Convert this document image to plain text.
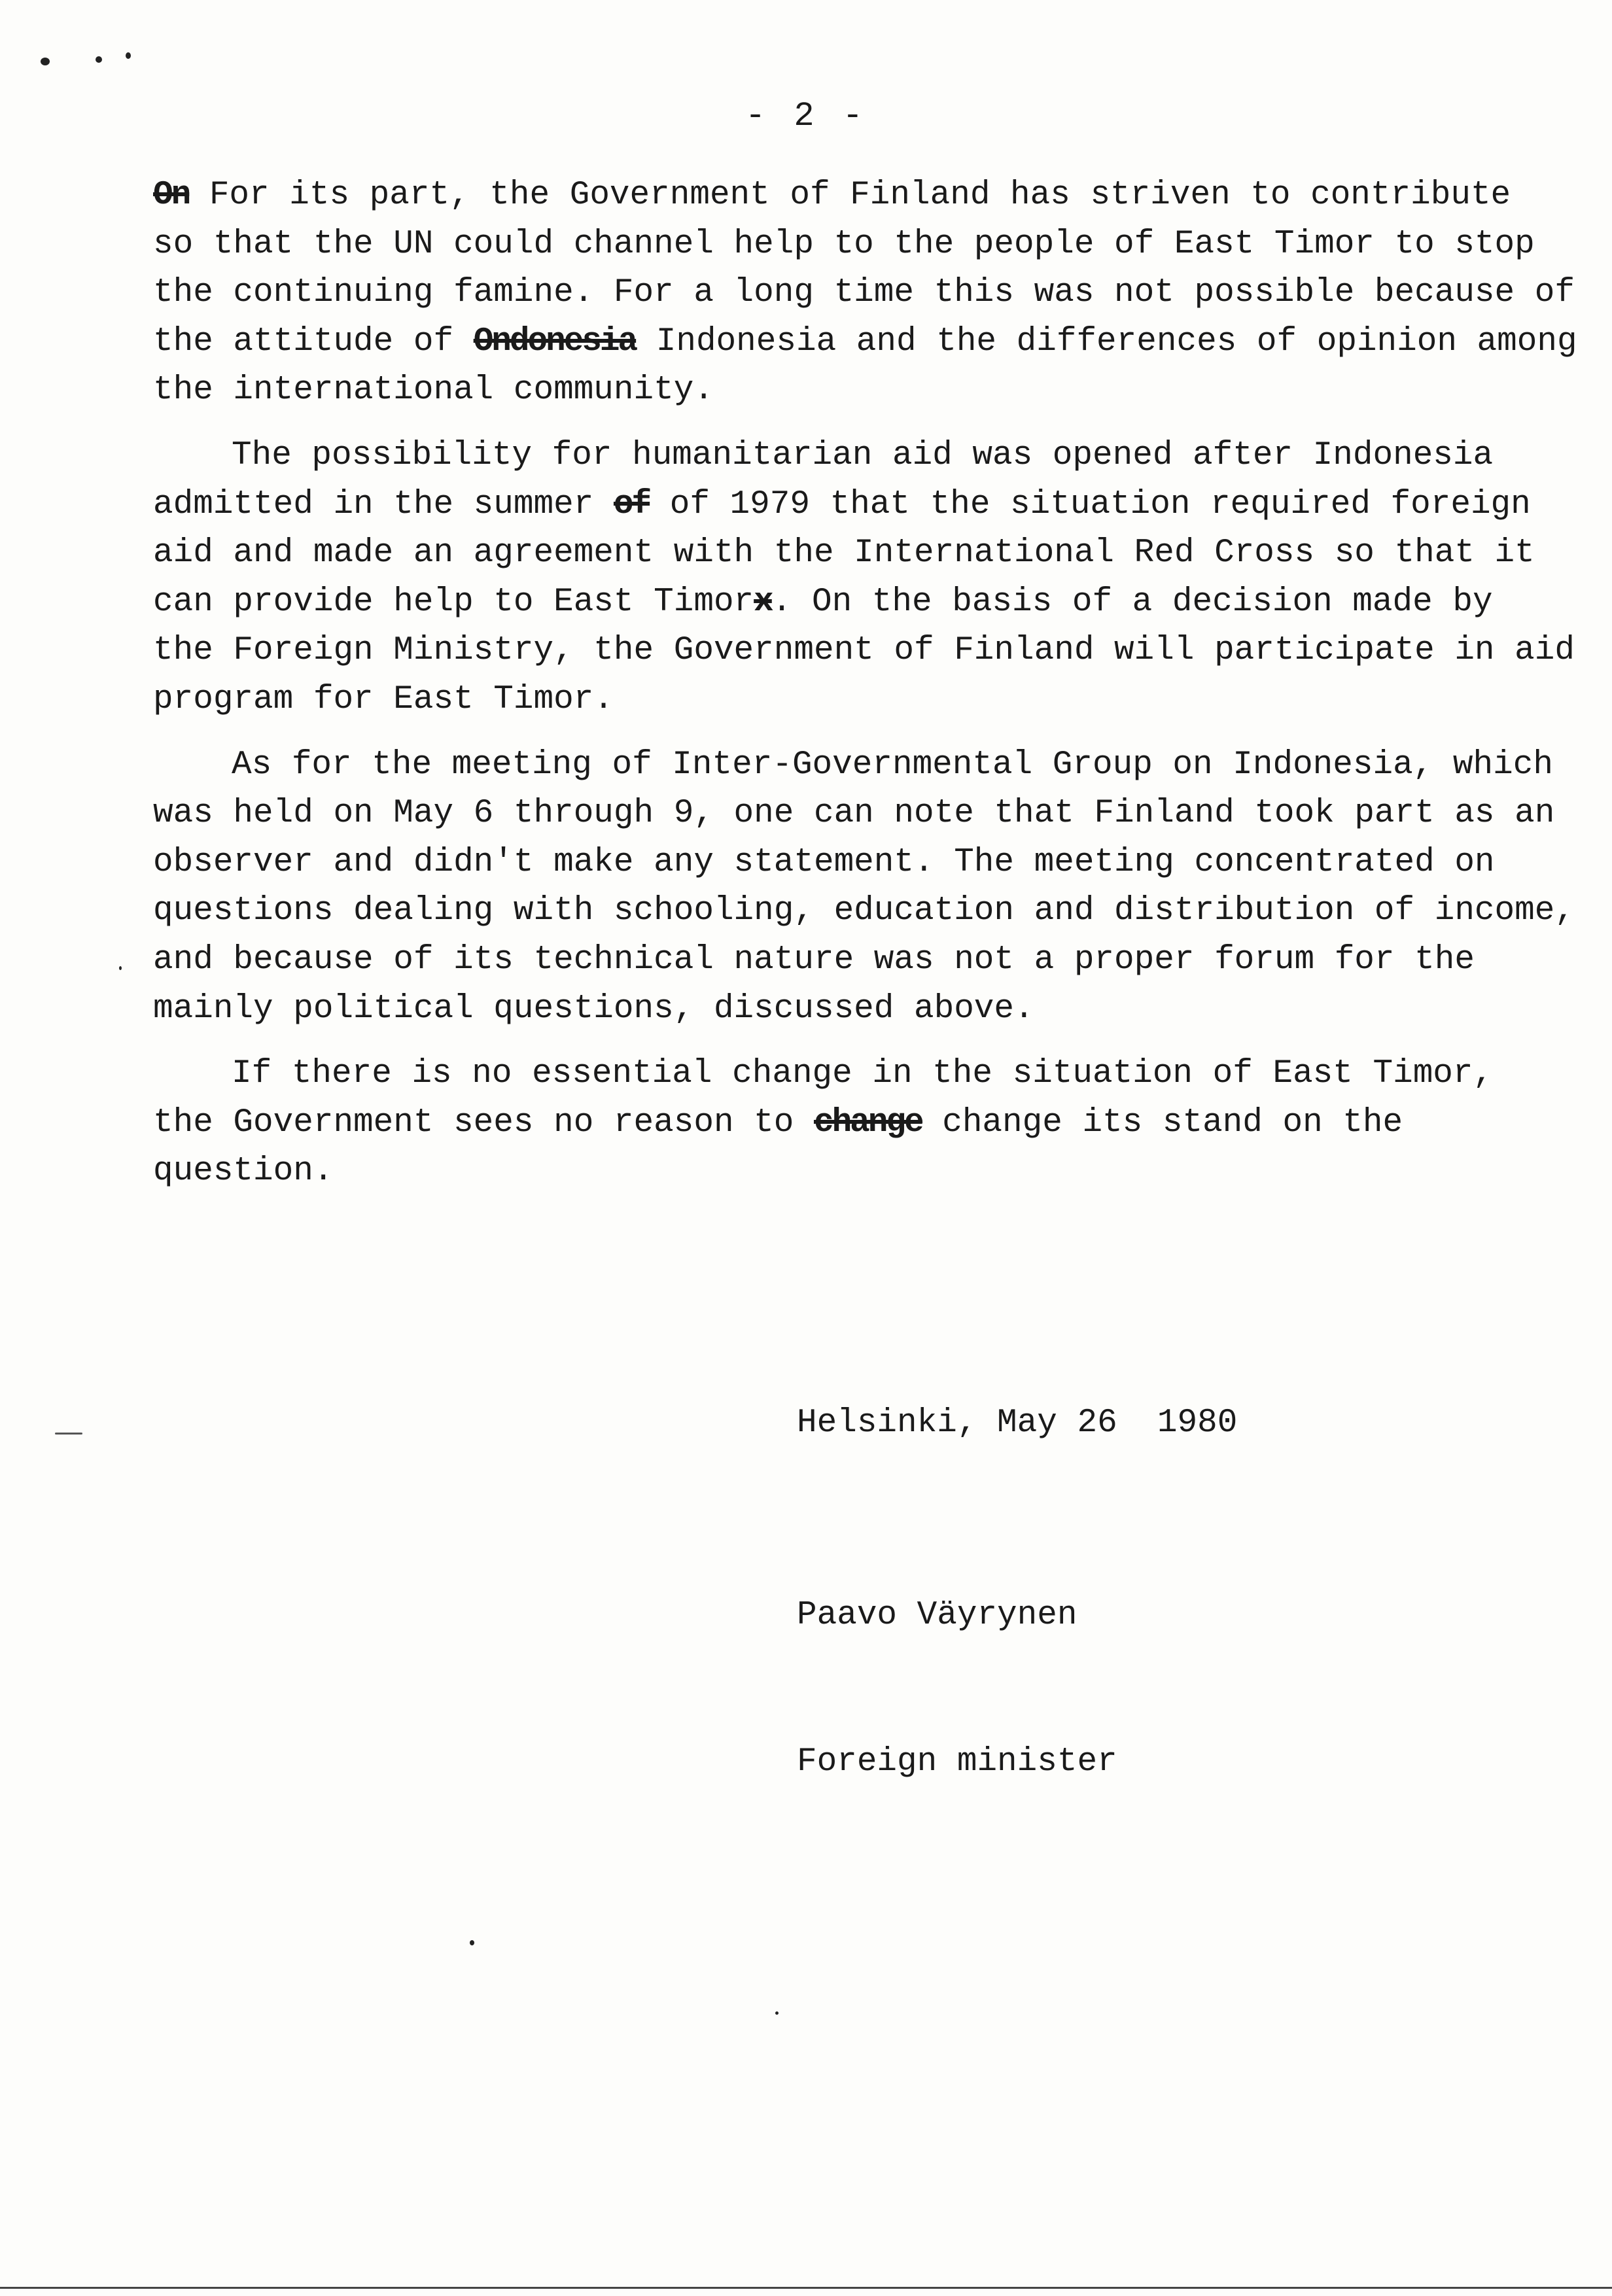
- 2 -
On For its part, the Government of Finland has striven to contribute
so that the UN could channel help to the people of East Timor to stop
the continuing famine. For a long time this was not possible because of
the attitude of Ondonesia Indonesia and the differences of opinion among
the international community.
The possibility for humanitarian aid was opened after Indonesia
admitted in the summer of of 1979 that the situation required foreign
aid and made an agreement with the International Red Cross so that it
can provide help to East Timorx. On the basis of a decision made by
the Foreign Ministry, the Government of Finland will participate in aid
program for East Timor.
As for the meeting of Inter-Governmental Group on Indonesia, which
was held on May 6 through 9, one can note that Finland took part as an
observer and didn't make any statement. The meeting concentrated on
questions dealing with schooling, education and distribution of income,
and because of its technical nature was not a proper forum for the
mainly political questions, discussed above.
If there is no essential change in the situation of East Timor,
the Government sees no reason to change change its stand on the
question.

Helsinki, May 26  1980

Paavo Väyrynen

Foreign minister
